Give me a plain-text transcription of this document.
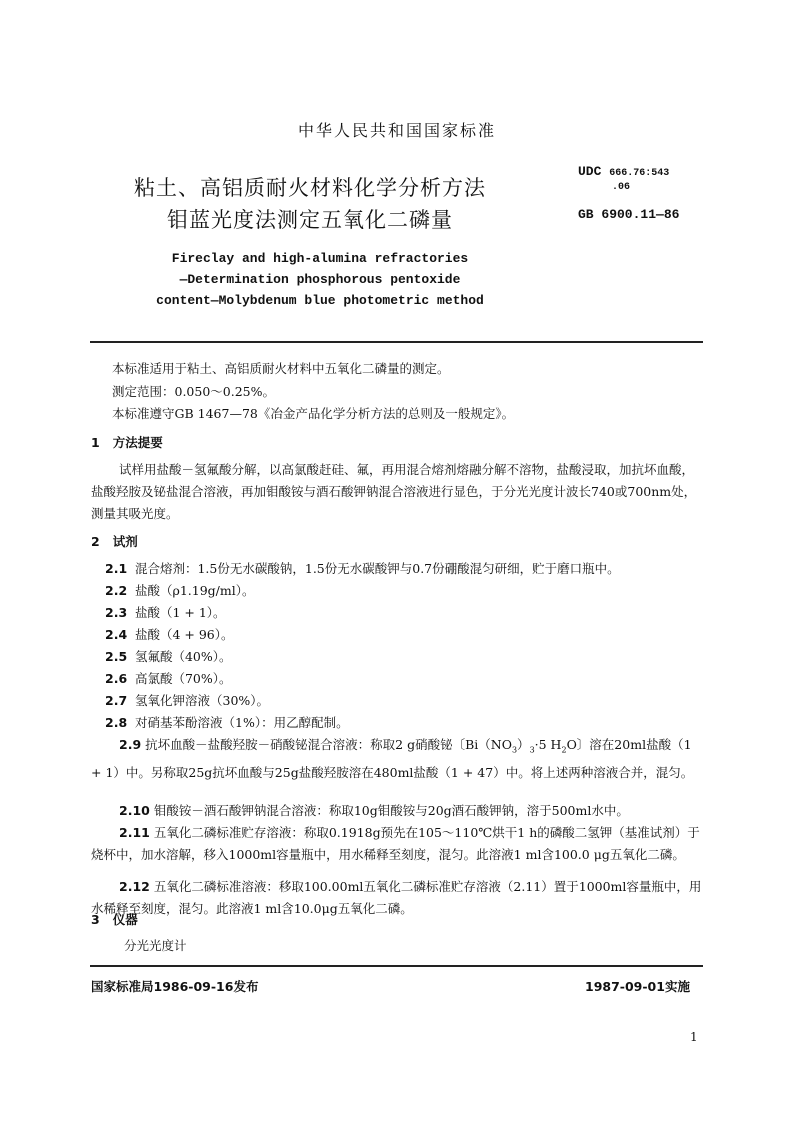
中华人民共和国国家标准
粘土、高铝质耐火材料化学分析方法
钼蓝光度法测定五氧化二磷量
UDC 666.76:543
.06
GB 6900.11—86
Fireclay and high-alumina refractories
—Determination phosphorous pentoxide
content—Molybdenum blue photometric method
本标准适用于粘土、高铝质耐火材料中五氧化二磷量的测定。
测定范围：0.050～0.25%。
本标准遵守GB 1467—78《冶金产品化学分析方法的总则及一般规定》。
1 方法提要
试样用盐酸－氢氟酸分解，以高氯酸赶硅、氟，再用混合熔剂熔融分解不溶物，盐酸浸取，加抗坏血酸，盐酸羟胺及铋盐混合溶液，再加钼酸铵与酒石酸钾钠混合溶液进行显色，于分光光度计波长740或700nm处，测量其吸光度。
2 试剂
2.1 混合熔剂：1.5份无水碳酸钠，1.5份无水碳酸钾与0.7份硼酸混匀研细，贮于磨口瓶中。
2.2 盐酸（ρ1.19g/ml）。
2.3 盐酸（1 + 1）。
2.4 盐酸（4 + 96）。
2.5 氢氟酸（40%）。
2.6 高氯酸（70%）。
2.7 氢氧化钾溶液（30%）。
2.8 对硝基苯酚溶液（1%）：用乙醇配制。
2.9 抗坏血酸－盐酸羟胺－硝酸铋混合溶液：称取2 g硝酸铋〔$Bi(NO_3)_3\cdot 5$ $H_2O$〕溶在20ml盐酸（1 + 1）中。另称取25g抗坏血酸与25g盐酸羟胺溶在480ml盐酸（1 + 47）中。将上述两种溶液合并，混匀。
2.10 钼酸铵－酒石酸钾钠混合溶液：称取10g钼酸铵与20g酒石酸钾钠，溶于500ml水中。
2.11 五氧化二磷标准贮存溶液：称取0.1918g预先在105～110℃烘干1 h的磷酸二氢钾（基准试剂）于烧杯中，加水溶解，移入1000ml容量瓶中，用水稀释至刻度，混匀。此溶液1 ml含100.0 μg五氧化二磷。
2.12 五氧化二磷标准溶液：移取100.00ml五氧化二磷标准贮存溶液（2.11）置于1000ml容量瓶中，用水稀释至刻度，混匀。此溶液1 ml含10.0μg五氧化二磷。
3 仪器
分光光度计
国家标准局1986-09-16发布	1987-09-01实施
1
